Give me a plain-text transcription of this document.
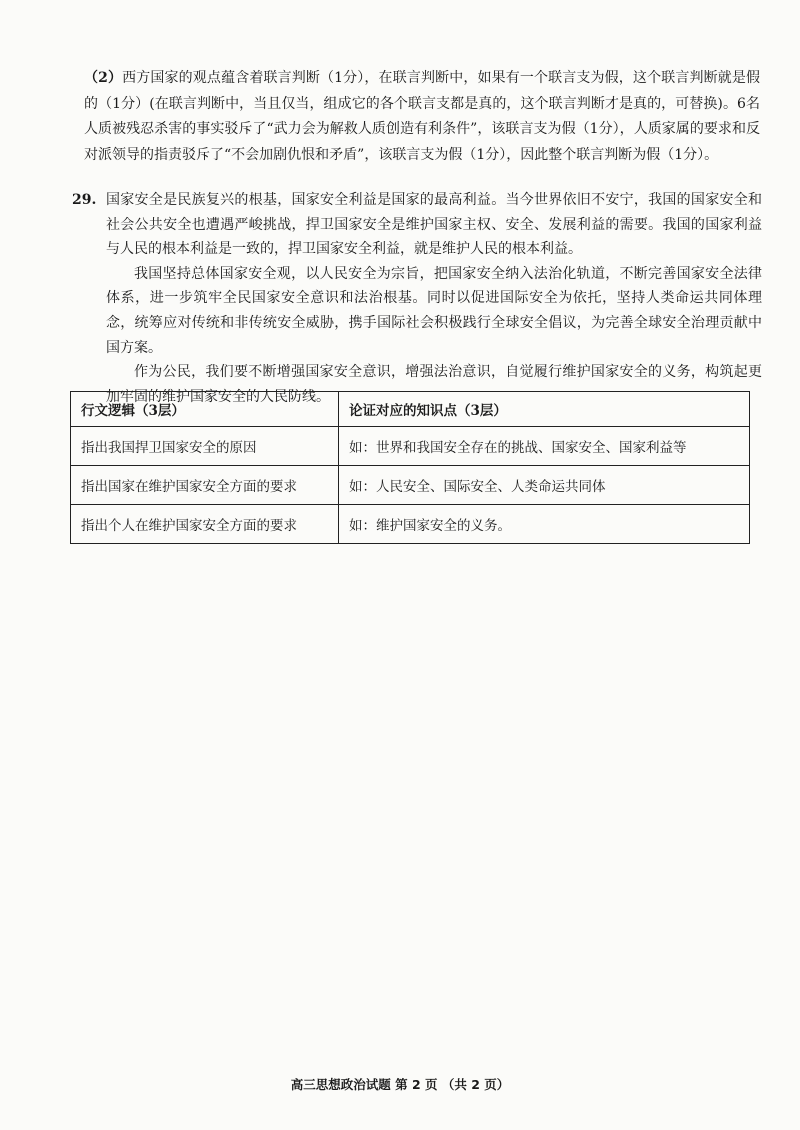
（2）西方国家的观点蕴含着联言判断（1分），在联言判断中，如果有一个联言支为假，这个联言判断就是假的（1分）(在联言判断中，当且仅当，组成它的各个联言支都是真的，这个联言判断才是真的，可替换)。6名人质被残忍杀害的事实驳斥了“武力会为解救人质创造有利条件”，该联言支为假（1分），人质家属的要求和反对派领导的指责驳斥了“不会加剧仇恨和矛盾”，该联言支为假（1分），因此整个联言判断为假（1分）。
29. 国家安全是民族复兴的根基，国家安全利益是国家的最高利益。当今世界依旧不安宁，我国的国家安全和社会公共安全也遭遇严峻挑战，捍卫国家安全是维护国家主权、安全、发展利益的需要。我国的国家利益与人民的根本利益是一致的，捍卫国家安全利益，就是维护人民的根本利益。

我国坚持总体国家安全观，以人民安全为宗旨，把国家安全纳入法治化轨道，不断完善国家安全法律体系，进一步筑牢全民国家安全意识和法治根基。同时以促进国际安全为依托，坚持人类命运共同体理念，统筹应对传统和非传统安全威胁，携手国际社会积极践行全球安全倡议，为完善全球安全治理贡献中国方案。

作为公民，我们要不断增强国家安全意识，增强法治意识，自觉履行维护国家安全的义务，构筑起更加牢固的维护国家安全的人民防线。

行文逻辑（3层）	论证对应的知识点（3层）
指出我国捍卫国家安全的原因	如：世界和我国安全存在的挑战、国家安全、国家利益等
指出国家在维护国家安全方面的要求	如：人民安全、国际安全、人类命运共同体
指出个人在维护国家安全方面的要求	如：维护国家安全的义务。
高三思想政治试题 第 2 页 （共 2 页）
